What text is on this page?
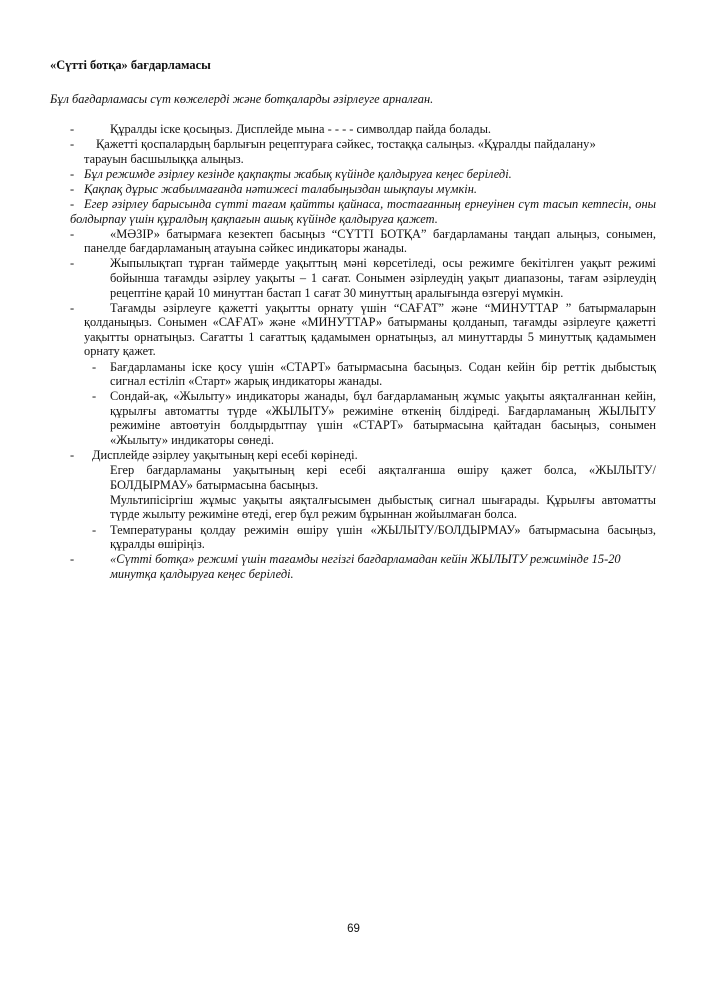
«Сүтті ботқа» бағдарламасы
Бұл бағдарламасы сүт көжелерді және ботқаларды әзірлеуге арналған.
-	Құралды іске қосыңыз. Дисплейде мына - - - - символдар пайда болады.
-	Қажетті қоспалардың барлығын рецептураға сәйкес, тостаққа салыңыз. «Құралды пайдалану» тарауын басшылыққа алыңыз.
- Бұл режимде әзірлеу кезінде қақпақты жабық күйінде қалдыруға кеңес беріледі.
- Қақпақ дұрыс жабылмағанда нәтижесі талабыңыздан шықпауы мүмкін.
- Егер әзірлеу барысында сүтті тағам қайтты қайнаса, тостағанның ернеуінен сүт тасып кетпесін, оны болдырпау үшін құралдың қақпағын ашық күйінде қалдыруға қажет.
-	«МӘЗІР» батырмаға кезектеп басыңыз “СҮТТІ БОТҚА” бағдарламаны таңдап алыңыз, сонымен, панелде бағдарламаның атауына сәйкес индикаторы жанады.
-	Жыпылықтап тұрған таймерде уақыттың мәні көрсетіледі, осы режимге бекітілген уақыт режимі бойынша тағамды әзірлеу уақыты – 1 сағат. Сонымен әзірлеудің уақыт диапазоны, тағам әзірлеудің рецептіне қарай 10 минуттан бастап 1 сағат 30 минуттың аралығында өзгеруі мүмкін.
-	Тағамды әзірлеуге қажетті уақытты орнату үшін “САҒАТ” және “МИНУТТАР ” батырмаларын қолданыңыз. Сонымен «САҒАТ» және «МИНУТТАР» батырманы қолданып, тағамды әзірлеуге қажетті уақытты орнатыңыз. Сағатты 1 сағаттық қадамымен орнатыңыз, ал минуттарды 5 минуттық қадамымен орнату қажет.
-	Бағдарламаны іске қосу үшін «СТАРТ» батырмасына басыңыз. Содан кейін бір реттік дыбыстық сигнал естіліп «Старт» жарық индикаторы жанады.
-	Сондай-ақ, «Жылыту» индикаторы жанады, бұл бағдарламаның жұмыс уақыты аяқталғаннан кейін, құрылғы автоматты түрде «ЖЫЛЫТУ» режиміне өткенің білдіреді. Бағдарламаның ЖЫЛЫТУ режиміне автоөтуін болдырдытпау үшін «СТАРТ» батырмасына қайтадан басыңыз, сонымен «Жылыту» индикаторы сөнеді.
-	Дисплейде әзірлеу уақытының кері есебі көрінеді.
Егер бағдарламаны уақытының кері есебі аяқталғанша өшіру қажет болса, «ЖЫЛЫТУ/БОЛДЫРМАУ» батырмасына басыңыз.
Мультипісіргіш жұмыс уақыты аяқталғысымен дыбыстық сигнал шығарады. Құрылғы автоматты түрде жылыту режиміне өтеді, егер бұл режим бұрыннан жойылмаған болса.
-	Температураны қолдау режимін өшіру үшін «ЖЫЛЫТУ/БОЛДЫРМАУ» батырмасына басыңыз, құралды өшіріңіз.
-	«Сүтті ботқа» режимі үшін тағамды негізгі бағдарламадан кейін ЖЫЛЫТУ режимінде 15-20 минутқа қалдыруға кеңес беріледі.
69
